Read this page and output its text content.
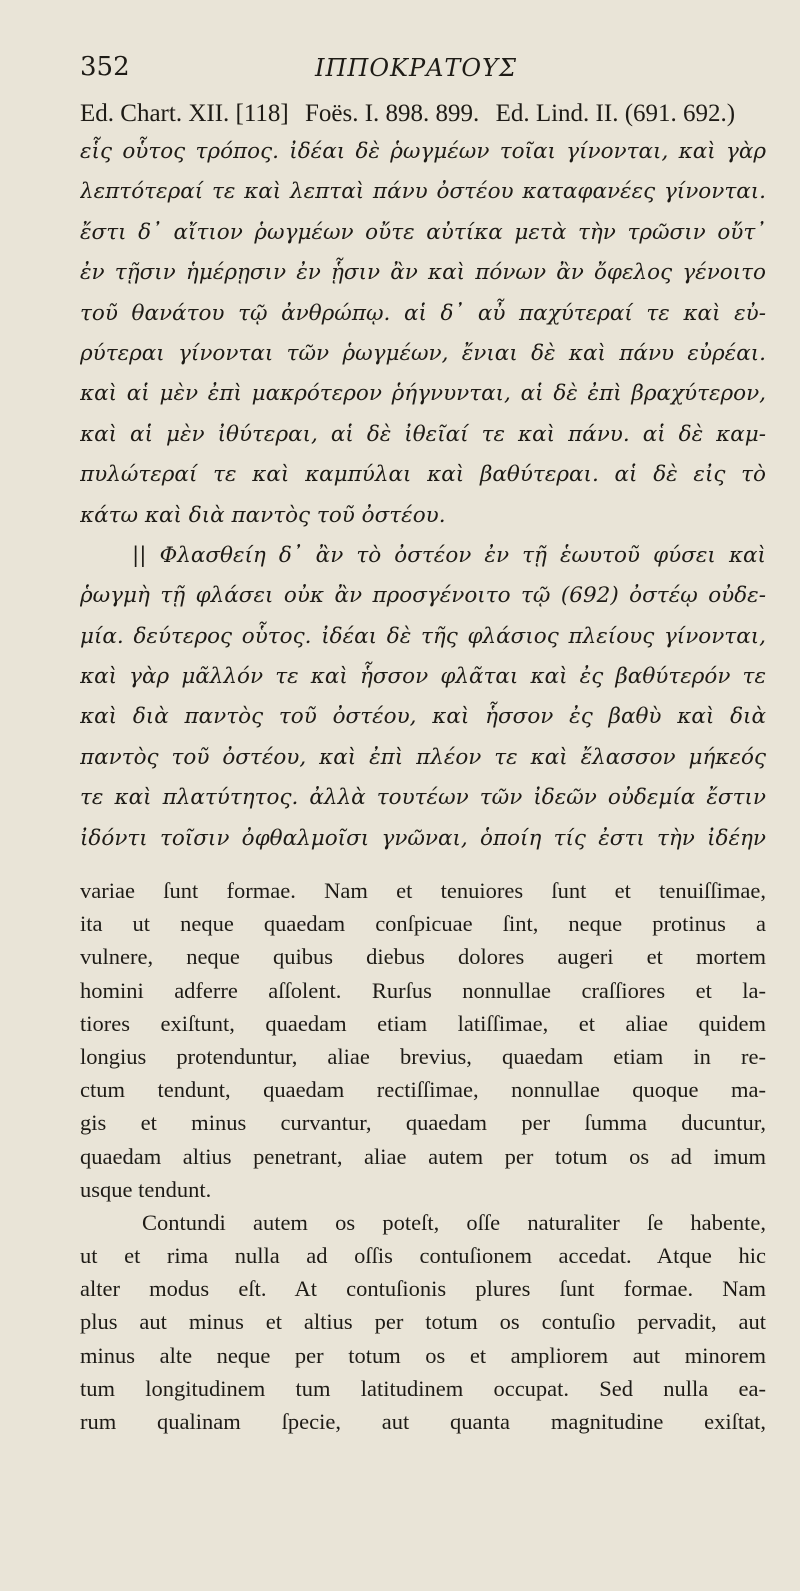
352	ΙΠΠΟΚΡΑΤΟΥΣ
Ed. Chart. XII. [118] Foës. I. 898. 899. Ed. Lind. II. (691. 692.)
εἷς οὗτος τρόπος. ἰδέαι δὲ ῥωγμέων τοῖαι γίνονται, καὶ γὰρ
λεπτότεραί τε καὶ λεπταὶ πάνυ ὀστέου καταφανέες γίνονται.
ἔστι δ᾽ αἴτιον ῥωγμέων οὔτε αὐτίκα μετὰ τὴν τρῶσιν οὔτ᾽
ἐν τῇσιν ἡμέρῃσιν ἐν ᾗσιν ἂν καὶ πόνων ἂν ὄφελος γένοιτο
τοῦ θανάτου τῷ ἀνθρώπῳ. αἱ δ᾽ αὖ παχύτεραί τε καὶ εὐ-
ρύτεραι γίνονται τῶν ῥωγμέων, ἔνιαι δὲ καὶ πάνυ εὐρέαι.
καὶ αἱ μὲν ἐπὶ μακρότερον ῥήγνυνται, αἱ δὲ ἐπὶ βραχύτερον,
καὶ αἱ μὲν ἰθύτεραι, αἱ δὲ ἰθεῖαί τε καὶ πάνυ. αἱ δὲ καμ-
πυλώτεραί τε καὶ καμπύλαι καὶ βαθύτεραι. αἱ δὲ εἰς τὸ
κάτω καὶ διὰ παντὸς τοῦ ὀστέου.
|| Φλασθείη δ᾽ ἂν τὸ ὀστέον ἐν τῇ ἑωυτοῦ φύσει καὶ
ῥωγμὴ τῇ φλάσει οὐκ ἂν προσγένοιτο τῷ (692) ὀστέῳ οὐδε-
μία. δεύτερος οὗτος. ἰδέαι δὲ τῆς φλάσιος πλείους γίνονται,
καὶ γὰρ μᾶλλόν τε καὶ ἧσσον φλᾶται καὶ ἐς βαθύτερόν τε
καὶ διὰ παντὸς τοῦ ὀστέου, καὶ ἧσσον ἐς βαθὺ καὶ διὰ
παντὸς τοῦ ὀστέου, καὶ ἐπὶ πλέον τε καὶ ἔλασσον μήκεός
τε καὶ πλατύτητος. ἀλλὰ τουτέων τῶν ἰδεῶν οὐδεμία ἔστιν
ἰδόντι τοῖσιν ὀφθαλμοῖσι γνῶναι, ὁποίη τίς ἐστι τὴν ἰδέην
variae ſunt formae. Nam et tenuiores ſunt et tenuiſſimae,
ita ut neque quaedam conſpicuae ſint, neque protinus a
vulnere, neque quibus diebus dolores augeri et mortem
homini adferre aſſolent. Rurſus nonnullae craſſiores et la-
tiores exiſtunt, quaedam etiam latiſſimae, et aliae quidem
longius protenduntur, aliae brevius, quaedam etiam in re-
ctum tendunt, quaedam rectiſſimae, nonnullae quoque ma-
gis et minus curvantur, quaedam per ſumma ducuntur,
quaedam altius penetrant, aliae autem per totum os ad imum
usque tendunt.
Contundi autem os poteſt, oſſe naturaliter ſe habente,
ut et rima nulla ad oſſis contuſionem accedat. Atque hic
alter modus eſt. At contuſionis plures ſunt formae. Nam
plus aut minus et altius per totum os contuſio pervadit, aut
minus alte neque per totum os et ampliorem aut minorem
tum longitudinem tum latitudinem occupat. Sed nulla ea-
rum qualinam ſpecie, aut quanta magnitudine exiſtat,
